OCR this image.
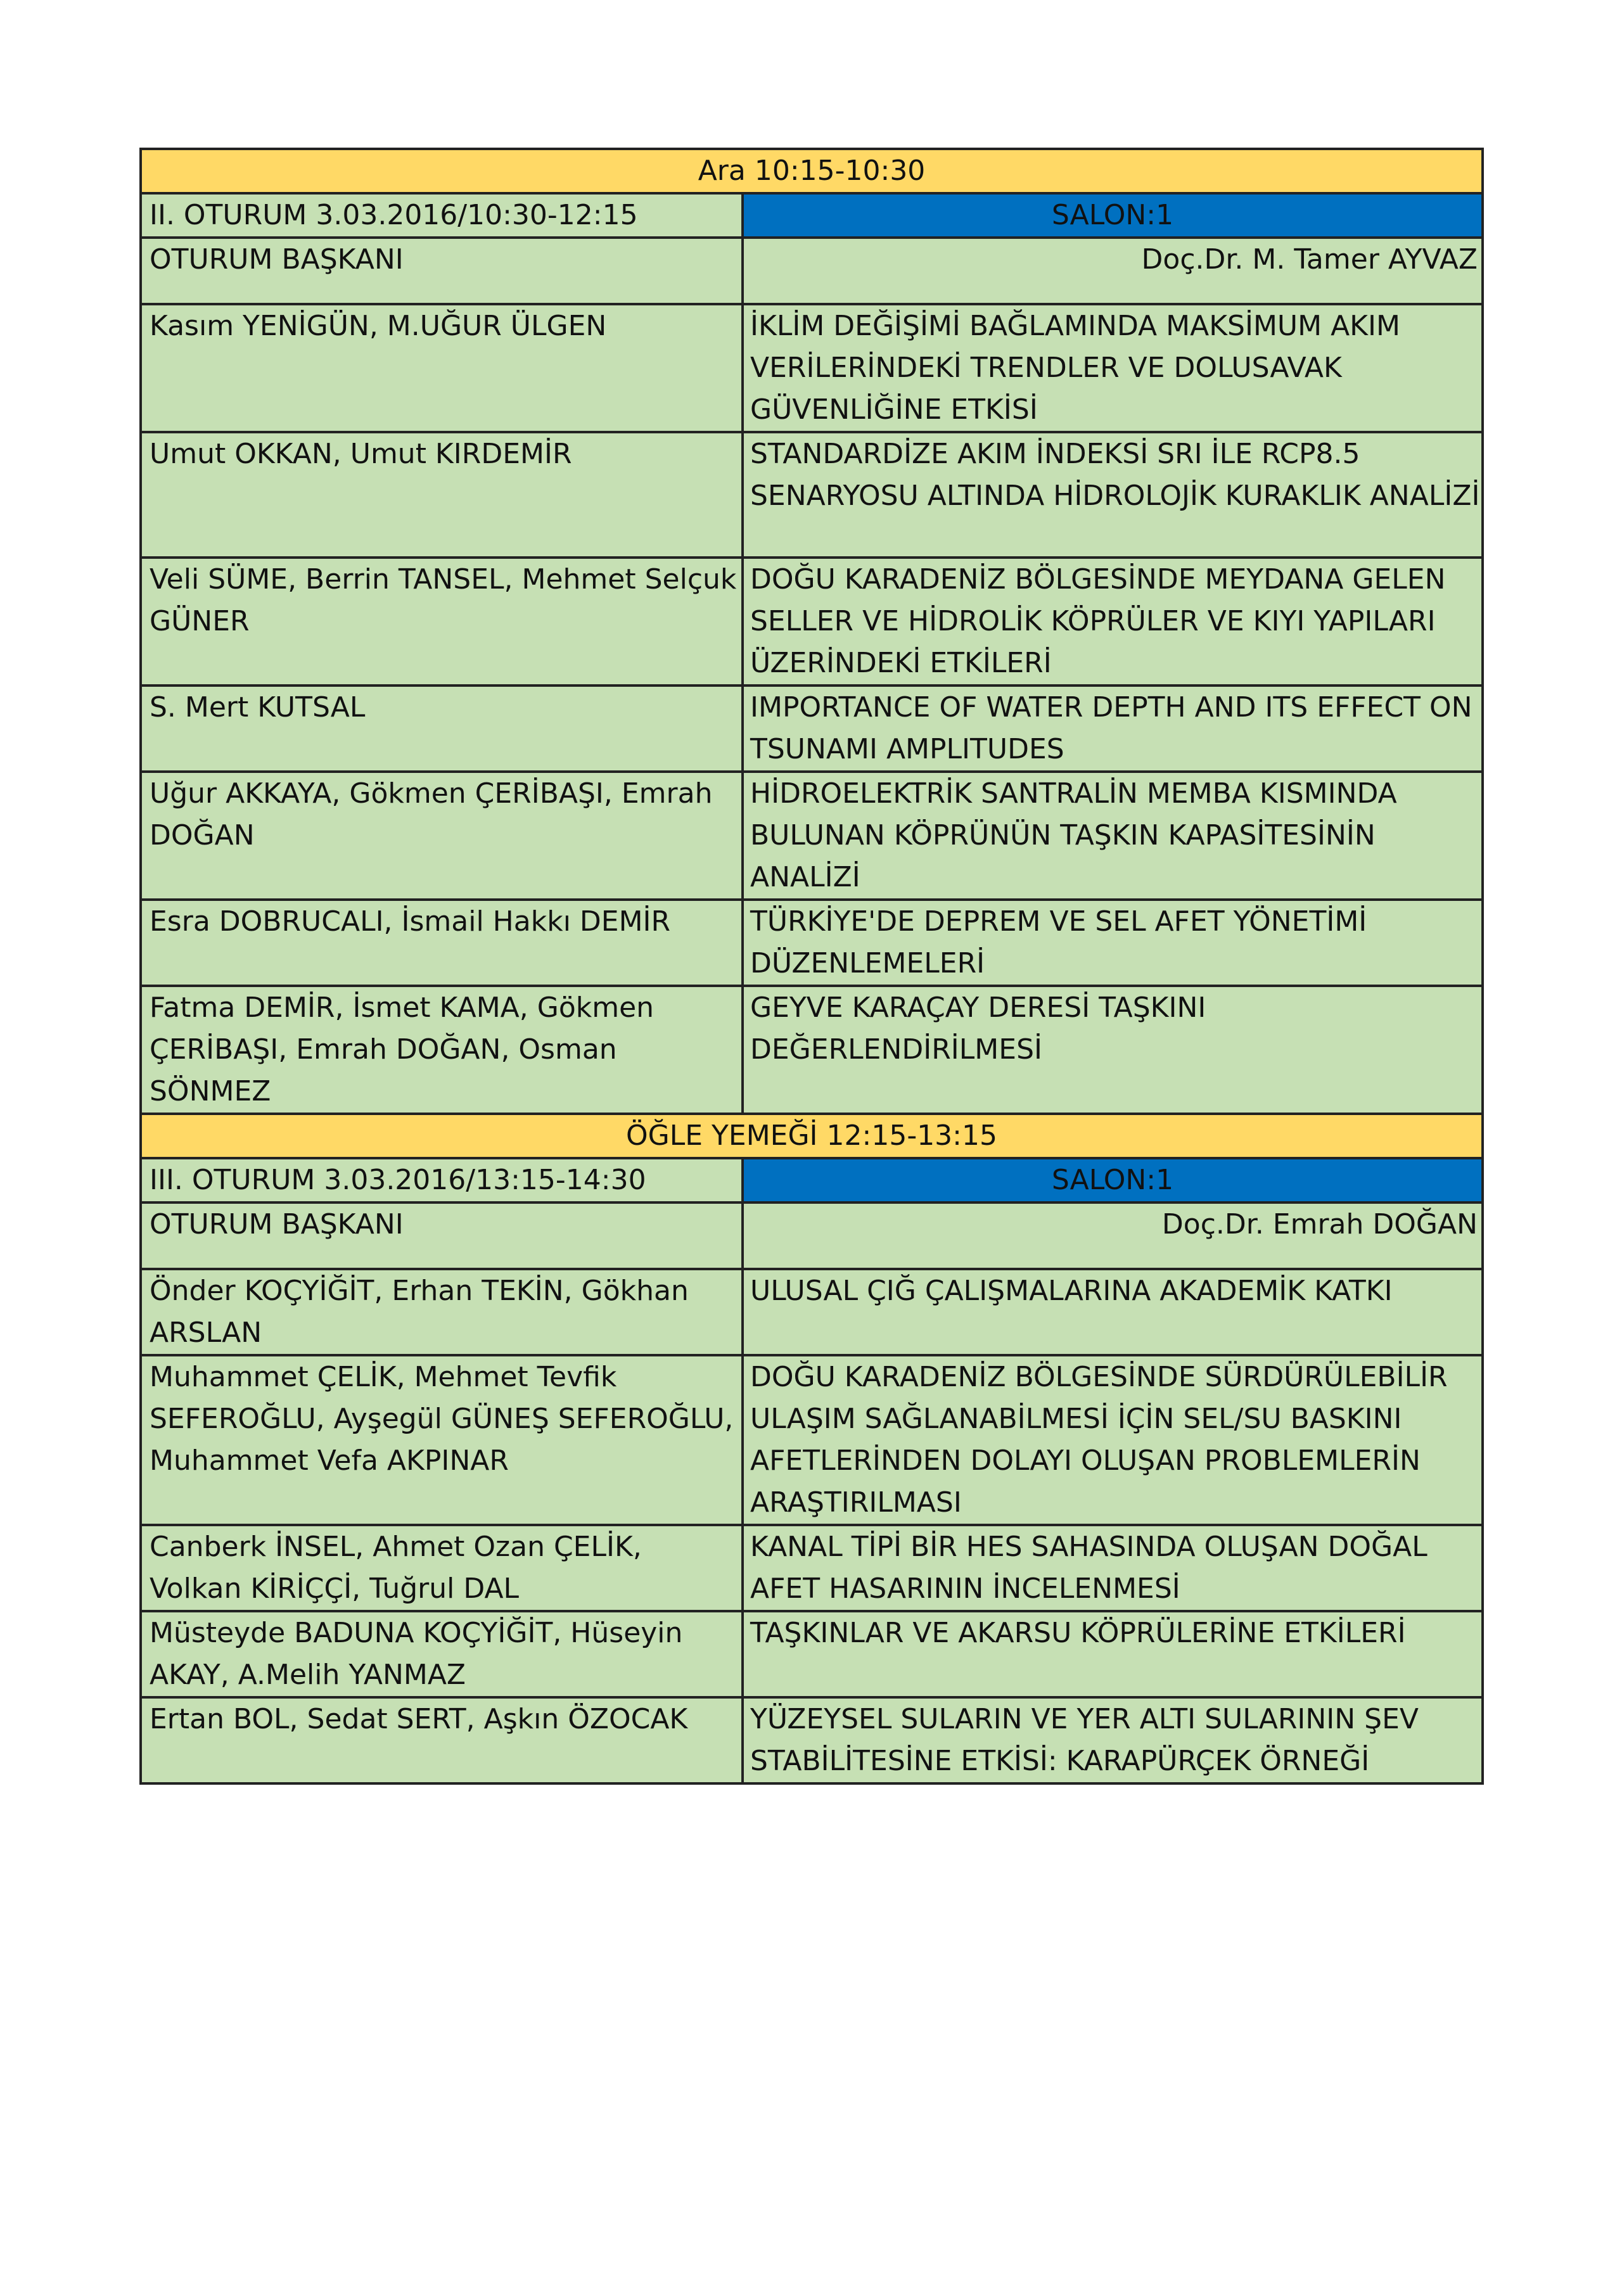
Ara 10:15-10:30	
II. OTURUM 3.03.2016/10:30-12:15	SALON:1
OTURUM BAŞKANI	Doç.Dr. M. Tamer AYVAZ
Kasım YENİGÜN, M.UĞUR ÜLGEN	İKLİM DEĞİŞİMİ BAĞLAMINDA MAKSİMUM AKIM VERİLERİNDEKİ TRENDLER VE DOLUSAVAK GÜVENLİĞİNE ETKİSİ
Umut OKKAN, Umut KIRDEMİR	STANDARDİZE AKIM İNDEKSİ SRI İLE RCP8.5 SENARYOSU ALTINDA HİDROLOJİK KURAKLIK ANALİZİ
Veli SÜME, Berrin TANSEL, Mehmet Selçuk GÜNER	DOĞU KARADENİZ BÖLGESİNDE MEYDANA GELEN SELLER VE HİDROLİK KÖPRÜLER VE KIYI YAPILARI ÜZERİNDEKİ ETKİLERİ
S. Mert KUTSAL	IMPORTANCE OF WATER DEPTH AND ITS EFFECT ON TSUNAMI AMPLITUDES
Uğur AKKAYA, Gökmen ÇERİBAŞI, Emrah DOĞAN	HİDROELEKTRİK SANTRALİN MEMBA KISMINDA BULUNAN KÖPRÜNÜN TAŞKIN KAPASİTESİNİN ANALİZİ
Esra DOBRUCALI, İsmail Hakkı DEMİR	TÜRKİYE'DE DEPREM VE SEL AFET YÖNETİMİ DÜZENLEMELERİ
Fatma DEMİR, İsmet KAMA, Gökmen ÇERİBAŞI, Emrah DOĞAN, Osman SÖNMEZ	GEYVE KARAÇAY DERESİ TAŞKINI DEĞERLENDİRİLMESİ
ÖĞLE YEMEĞİ 12:15-13:15	
III. OTURUM 3.03.2016/13:15-14:30	SALON:1
OTURUM BAŞKANI	Doç.Dr. Emrah DOĞAN
Önder KOÇYİĞİT, Erhan TEKİN, Gökhan ARSLAN	ULUSAL ÇIĞ ÇALIŞMALARINA AKADEMİK KATKI
Muhammet ÇELİK, Mehmet Tevfik SEFEROĞLU, Ayşegül GÜNEŞ SEFEROĞLU, Muhammet Vefa AKPINAR	DOĞU KARADENİZ BÖLGESİNDE SÜRDÜRÜLEBİLİR ULAŞIM SAĞLANABİLMESİ İÇİN SEL/SU BASKINI AFETLERİNDEN DOLAYI OLUŞAN PROBLEMLERİN ARAŞTIRILMASI
Canberk İNSEL, Ahmet Ozan ÇELİK, Volkan KİRİÇÇİ, Tuğrul DAL	KANAL TİPİ BİR HES SAHASINDA OLUŞAN DOĞAL AFET HASARININ İNCELENMESİ
Müsteyde BADUNA KOÇYİĞİT, Hüseyin AKAY, A.Melih YANMAZ	TAŞKINLAR VE AKARSU KÖPRÜLERİNE ETKİLERİ
Ertan BOL, Sedat SERT, Aşkın ÖZOCAK	YÜZEYSEL SULARIN VE YER ALTI SULARININ ŞEV STABİLİTESİNE ETKİSİ: KARAPÜRÇEK ÖRNEĞİ
